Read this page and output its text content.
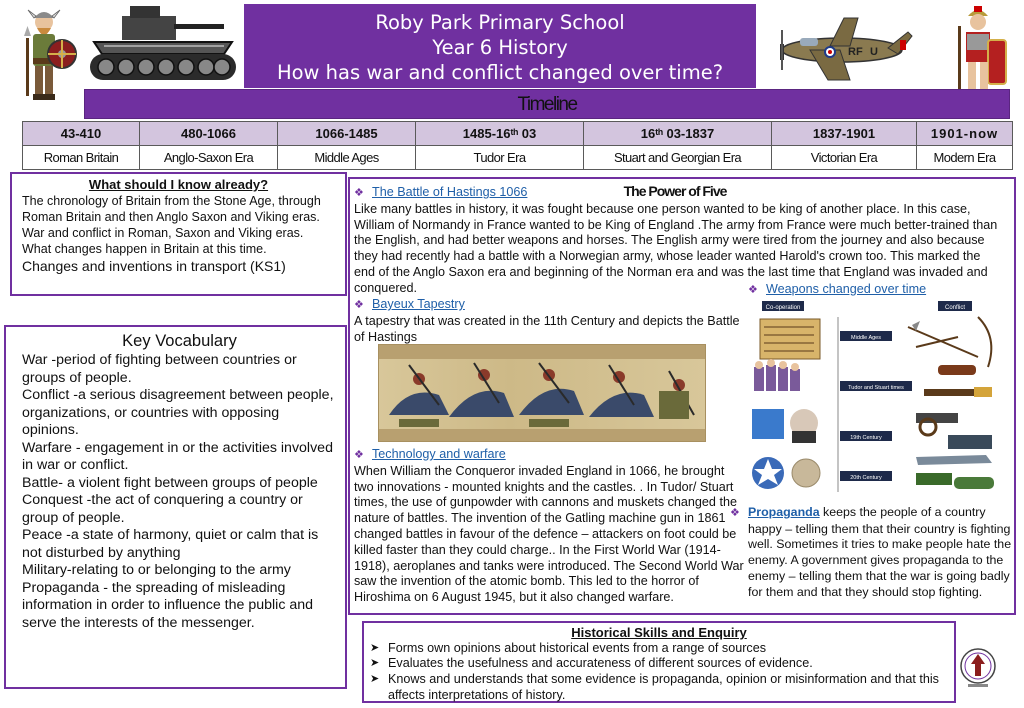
RF U
Roby Park Primary School
Year 6 History
How has war and conflict changed over time?
Timeline
43-410	480-1066	1066-1485	1485-16ᵗʰ 03	16ᵗʰ 03-1837	1837-1901	1901-now
Roman Britain	Anglo-Saxon Era	Middle Ages	Tudor Era	Stuart and Georgian Era	Victorian Era	Modern Era
What should I know already?
The chronology of Britain from the Stone Age, through Roman Britain and then Anglo Saxon and Viking eras.
War and conflict in Roman, Saxon and Viking eras.
What changes happen in Britain at this time.
Changes and inventions in transport (KS1)
Key Vocabulary
War -period of fighting between countries or groups of people.
Conflict -a serious disagreement between people, organizations, or countries with opposing opinions.
Warfare - engagement in or the activities involved in war or conflict.
Battle- a violent fight between groups of people
Conquest -the act of conquering a country or group of people.
Peace -a state of harmony, quiet or calm that is not disturbed by anything
Military-relating to or belonging to the army
Propaganda - the spreading of misleading information in order to influence the public and serve the interests of the messenger.
The Power of Five
❖ The Battle of Hastings 1066
Like many battles in history, it was fought because one person wanted to be king of another place. In this case, William of Normandy in France wanted to be King of England .The army from France were much better-trained than the English, and had better weapons and horses. The English army were tired from the journey and also because they had recently had a battle with a Norwegian army, whose leader wanted Harold's crown too. This marked the end of the Anglo Saxon era and beginning of the Norman era and was the last time that England was invaded and conquered.	❖ Weapons changed over time
❖ Bayeux Tapestry
A tapestry that was created in the 11th Century and depicts the Battle of Hastings
❖ Technology and warfare
When William the Conqueror invaded England in 1066, he brought two innovations - mounted knights and the castles. . In Tudor/ Stuart times, the use of gunpowder with cannons and muskets changed the nature of battles. The invention of the Gatling machine gun in 1861 changed battles in favour of the defence – attackers on foot could be killed faster than they could charge.. In the First World War (1914-1918), aeroplanes and tanks were introduced. The Second World War saw the invention of the atomic bomb. This led to the horror of Hiroshima on 6 August 1945, but it also changed warfare.
Co-operation	Conflict
Middle Ages
Tudor and Stuart times
19th Century
20th Century
❖ Propaganda keeps the people of a country happy – telling them that their country is fighting well. Sometimes it tries to make people hate the enemy. A government gives propaganda to the enemy – telling them that the war is going badly for them and that they should stop fighting.
Historical Skills and Enquiry
➤ Forms own opinions about historical events from a range of sources
➤ Evaluates the usefulness and accurateness of different sources of evidence.
➤ Knows and understands that some evidence is propaganda, opinion or misinformation and that this affects interpretations of history.
